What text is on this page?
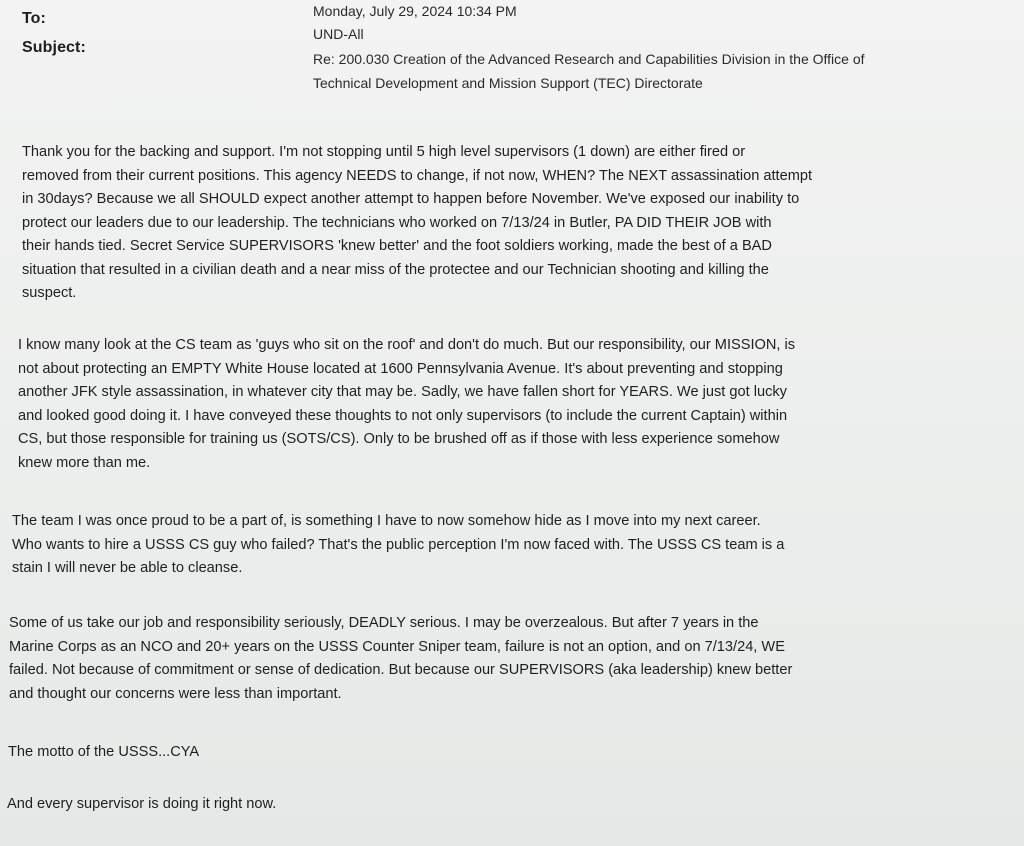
To:
Subject:
Monday, July 29, 2024 10:34 PM
UND-All
Re: 200.030 Creation of the Advanced Research and Capabilities Division in the Office of
Technical Development and Mission Support (TEC) Directorate
Thank you for the backing and support. I'm not stopping until 5 high level supervisors (1 down) are either fired or
removed from their current positions. This agency NEEDS to change, if not now, WHEN? The NEXT assassination attempt
in 30days? Because we all SHOULD expect another attempt to happen before November. We've exposed our inability to
protect our leaders due to our leadership. The technicians who worked on 7/13/24 in Butler, PA DID THEIR JOB with
their hands tied. Secret Service SUPERVISORS 'knew better' and the foot soldiers working, made the best of a BAD
situation that resulted in a civilian death and a near miss of the protectee and our Technician shooting and killing the
suspect.
I know many look at the CS team as 'guys who sit on the roof' and don't do much. But our responsibility, our MISSION, is
not about protecting an EMPTY White House located at 1600 Pennsylvania Avenue. It's about preventing and stopping
another JFK style assassination, in whatever city that may be. Sadly, we have fallen short for YEARS. We just got lucky
and looked good doing it. I have conveyed these thoughts to not only supervisors (to include the current Captain) within
CS, but those responsible for training us (SOTS/CS). Only to be brushed off as if those with less experience somehow
knew more than me.
The team I was once proud to be a part of, is something I have to now somehow hide as I move into my next career.
Who wants to hire a USSS CS guy who failed? That's the public perception I'm now faced with. The USSS CS team is a
stain I will never be able to cleanse.
Some of us take our job and responsibility seriously, DEADLY serious. I may be overzealous. But after 7 years in the
Marine Corps as an NCO and 20+ years on the USSS Counter Sniper team, failure is not an option, and on 7/13/24, WE
failed. Not because of commitment or sense of dedication. But because our SUPERVISORS (aka leadership) knew better
and thought our concerns were less than important.
The motto of the USSS...CYA
And every supervisor is doing it right now.
